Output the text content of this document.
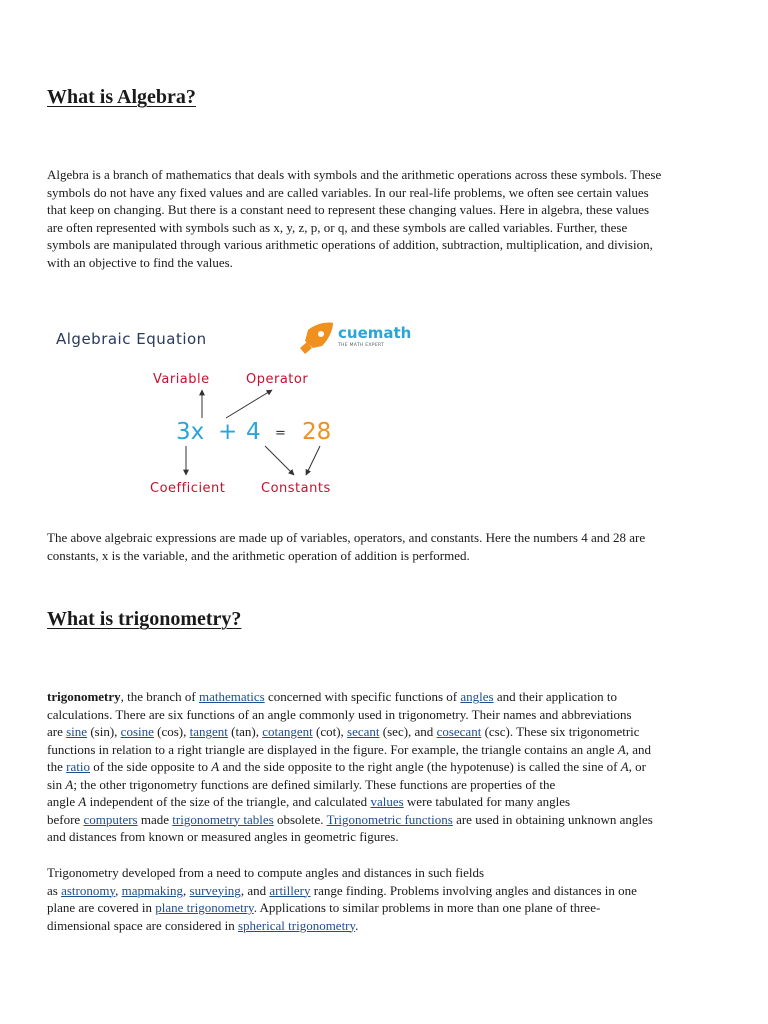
What is Algebra?

Algebra is a branch of mathematics that deals with symbols and the arithmetic operations across these symbols. These
symbols do not have any fixed values and are called variables. In our real-life problems, we often see certain values
that keep on changing. But there is a constant need to represent these changing values. Here in algebra, these values
are often represented with symbols such as x, y, z, p, or q, and these symbols are called variables. Further, these
symbols are manipulated through various arithmetic operations of addition, subtraction, multiplication, and division,
with an objective to find the values.

Algebraic Equation	cuemath
THE MATH EXPERT
Variable	Operator
3x + 4 = 28
Coefficient	Constants

The above algebraic expressions are made up of variables, operators, and constants. Here the numbers 4 and 28 are
constants, x is the variable, and the arithmetic operation of addition is performed.

What is trigonometry?

trigonometry, the branch of mathematics concerned with specific functions of angles and their application to
calculations. There are six functions of an angle commonly used in trigonometry. Their names and abbreviations
are sine (sin), cosine (cos), tangent (tan), cotangent (cot), secant (sec), and cosecant (csc). These six trigonometric
functions in relation to a right triangle are displayed in the figure. For example, the triangle contains an angle A, and
the ratio of the side opposite to A and the side opposite to the right angle (the hypotenuse) is called the sine of A, or
sin A; the other trigonometry functions are defined similarly. These functions are properties of the
angle A independent of the size of the triangle, and calculated values were tabulated for many angles
before computers made trigonometry tables obsolete. Trigonometric functions are used in obtaining unknown angles
and distances from known or measured angles in geometric figures.

Trigonometry developed from a need to compute angles and distances in such fields
as astronomy, mapmaking, surveying, and artillery range finding. Problems involving angles and distances in one
plane are covered in plane trigonometry. Applications to similar problems in more than one plane of three-
dimensional space are considered in spherical trigonometry.
